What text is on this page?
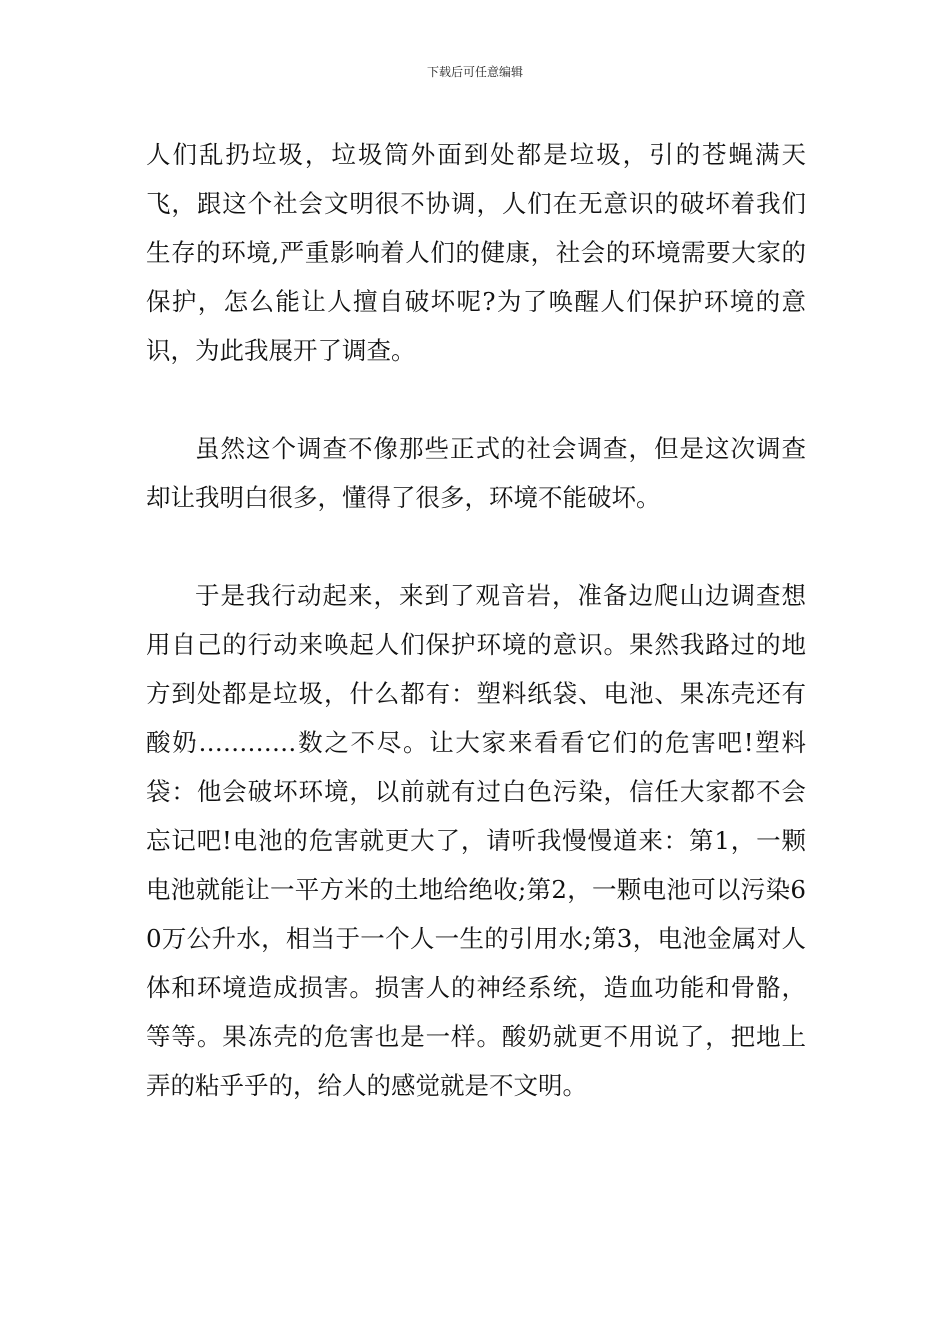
下载后可任意编辑

人们乱扔垃圾，垃圾筒外面到处都是垃圾，引的苍蝇满天飞，跟这个社会文明很不协调，人们在无意识的破坏着我们生存的环境,严重影响着人们的健康，社会的环境需要大家的保护，怎么能让人擅自破坏呢?为了唤醒人们保护环境的意识，为此我展开了调查。

虽然这个调查不像那些正式的社会调查，但是这次调查却让我明白很多，懂得了很多，环境不能破坏。

于是我行动起来，来到了观音岩，准备边爬山边调查想用自己的行动来唤起人们保护环境的意识。果然我路过的地方到处都是垃圾，什么都有：塑料纸袋、电池、果冻壳还有酸奶…………数之不尽。让大家来看看它们的危害吧!塑料袋：他会破坏环境，以前就有过白色污染，信任大家都不会忘记吧!电池的危害就更大了，请听我慢慢道来：第1，一颗电池就能让一平方米的土地给绝收;第2，一颗电池可以污染60万公升水，相当于一个人一生的引用水;第3，电池金属对人体和环境造成损害。损害人的神经系统，造血功能和骨骼，等等。果冻壳的危害也是一样。酸奶就更不用说了，把地上弄的粘乎乎的，给人的感觉就是不文明。
